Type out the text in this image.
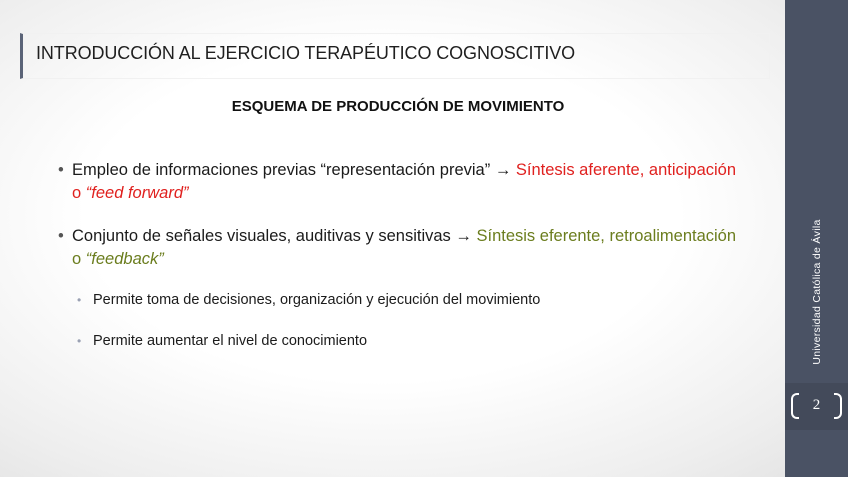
INTRODUCCIÓN AL EJERCICIO TERAPÉUTICO COGNOSCITIVO
ESQUEMA DE PRODUCCIÓN DE MOVIMIENTO
• Empleo de informaciones previas “representación previa” → Síntesis aferente, anticipación o “feed forward”
• Conjunto de señales visuales, auditivas y sensitivas → Síntesis eferente, retroalimentación o “feedback”
• Permite toma de decisiones, organización y ejecución del movimiento
• Permite aumentar el nivel de conocimiento	Universidad Católica de Ávila
2
